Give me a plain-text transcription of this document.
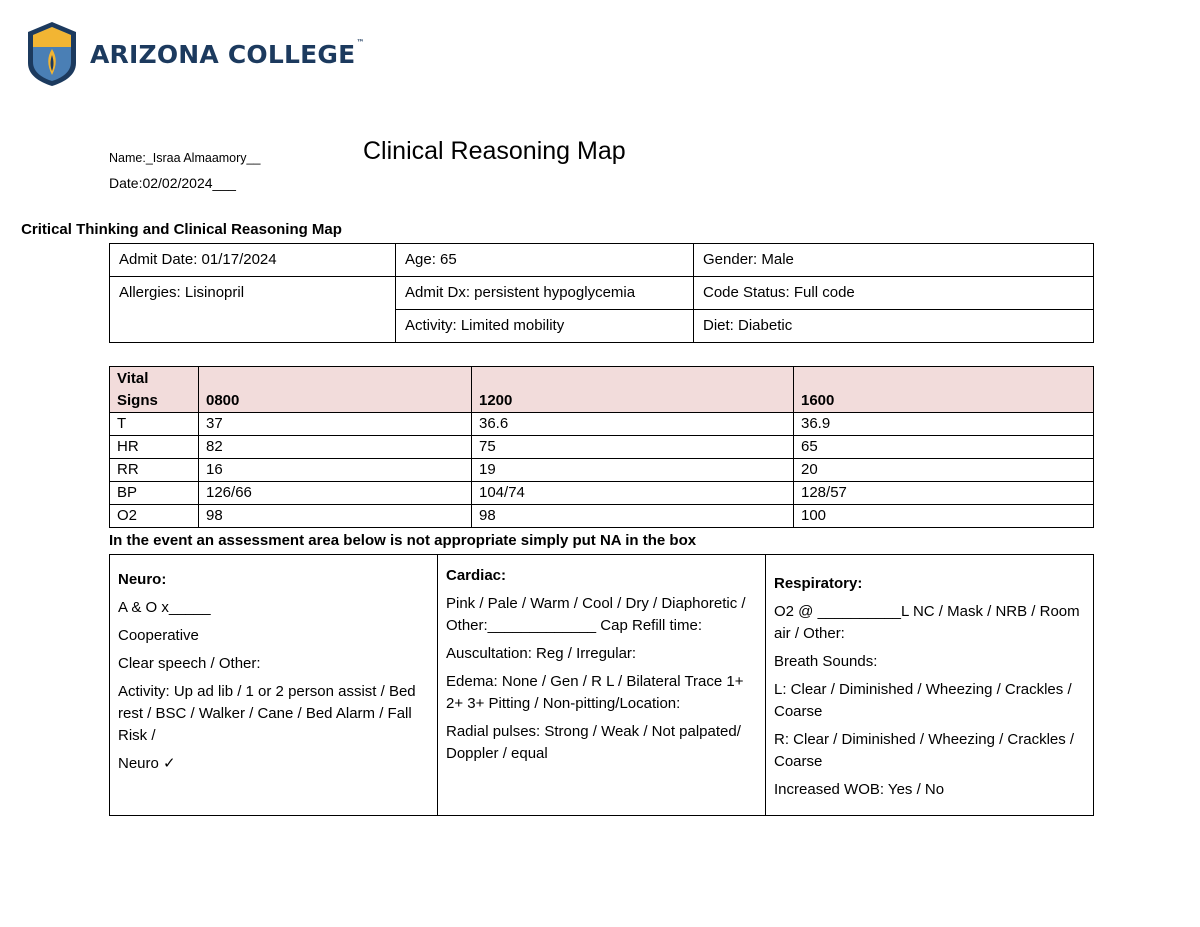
ARIZONA COLLEGE™
Name:_Israa Almaamory__
Date:02/02/2024___
Clinical Reasoning Map
Critical Thinking and Clinical Reasoning Map
Admit Date: 01/17/2024	Age: 65	Gender: Male
Allergies: Lisinopril	Admit Dx: persistent hypoglycemia	Code Status: Full code
	Activity: Limited mobility	Diet: Diabetic
Vital Signs	0800	1200	1600
T	37	36.6	36.9
HR	82	75	65
RR	16	19	20
BP	126/66	104/74	128/57
O2	98	98	100
In the event an assessment area below is not appropriate simply put NA in the box
Neuro:

A & O x_____

Cooperative

Clear speech / Other:

Activity: Up ad lib / 1 or 2 person assist / Bed rest / BSC / Walker / Cane / Bed Alarm / Fall Risk /

Neuro ✓

Cardiac:

Pink / Pale / Warm / Cool / Dry / Diaphoretic / Other:_____________ Cap Refill time:

Auscultation: Reg / Irregular:

Edema: None / Gen / R L / Bilateral Trace 1+ 2+ 3+ Pitting / Non-pitting/Location:

Radial pulses: Strong / Weak / Not palpated/ Doppler / equal

Respiratory:

O2 @ __________L NC / Mask / NRB / Room air / Other:

Breath Sounds:

L: Clear / Diminished / Wheezing / Crackles / Coarse

R: Clear / Diminished / Wheezing / Crackles / Coarse

Increased WOB: Yes / No
